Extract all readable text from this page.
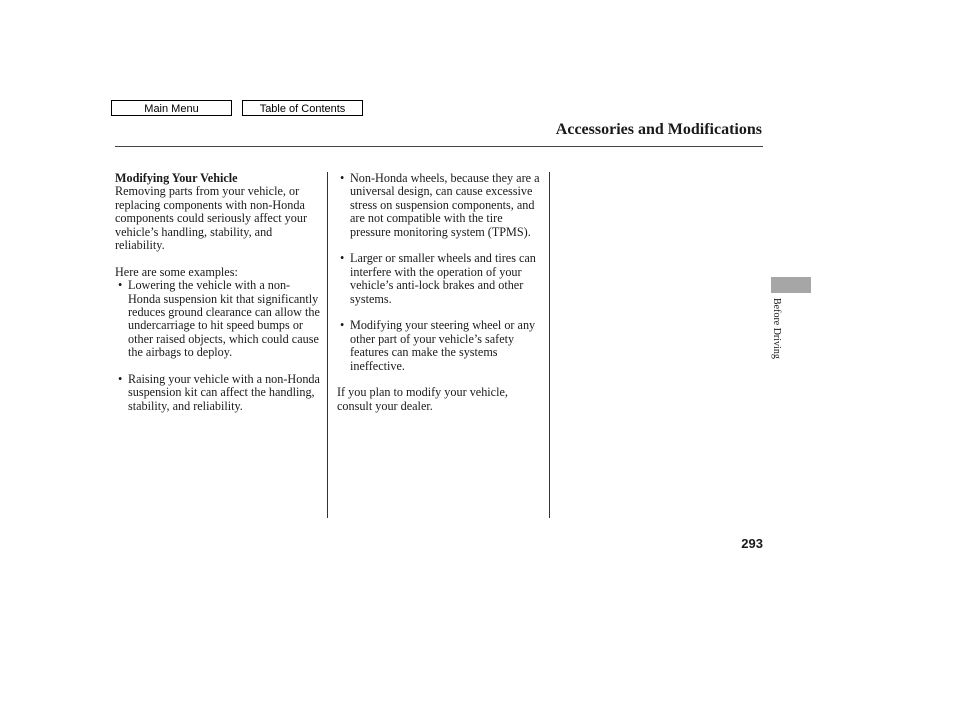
Main Menu	Table of Contents
Accessories and Modifications
Modifying Your Vehicle

Removing parts from your vehicle, or replacing components with non-Honda components could seriously affect your vehicle’s handling, stability, and reliability.

Here are some examples:

• Lowering the vehicle with a non-Honda suspension kit that significantly reduces ground clearance can allow the undercarriage to hit speed bumps or other raised objects, which could cause the airbags to deploy.
• Raising your vehicle with a non-Honda suspension kit can affect the handling, stability, and reliability.
• Non-Honda wheels, because they are a universal design, can cause excessive stress on suspension components, and are not compatible with the tire pressure monitoring system (TPMS).
• Larger or smaller wheels and tires can interfere with the operation of your vehicle’s anti-lock brakes and other systems.
• Modifying your steering wheel or any other part of your vehicle’s safety features can make the systems ineffective.

If you plan to modify your vehicle, consult your dealer.

Before Driving
293
